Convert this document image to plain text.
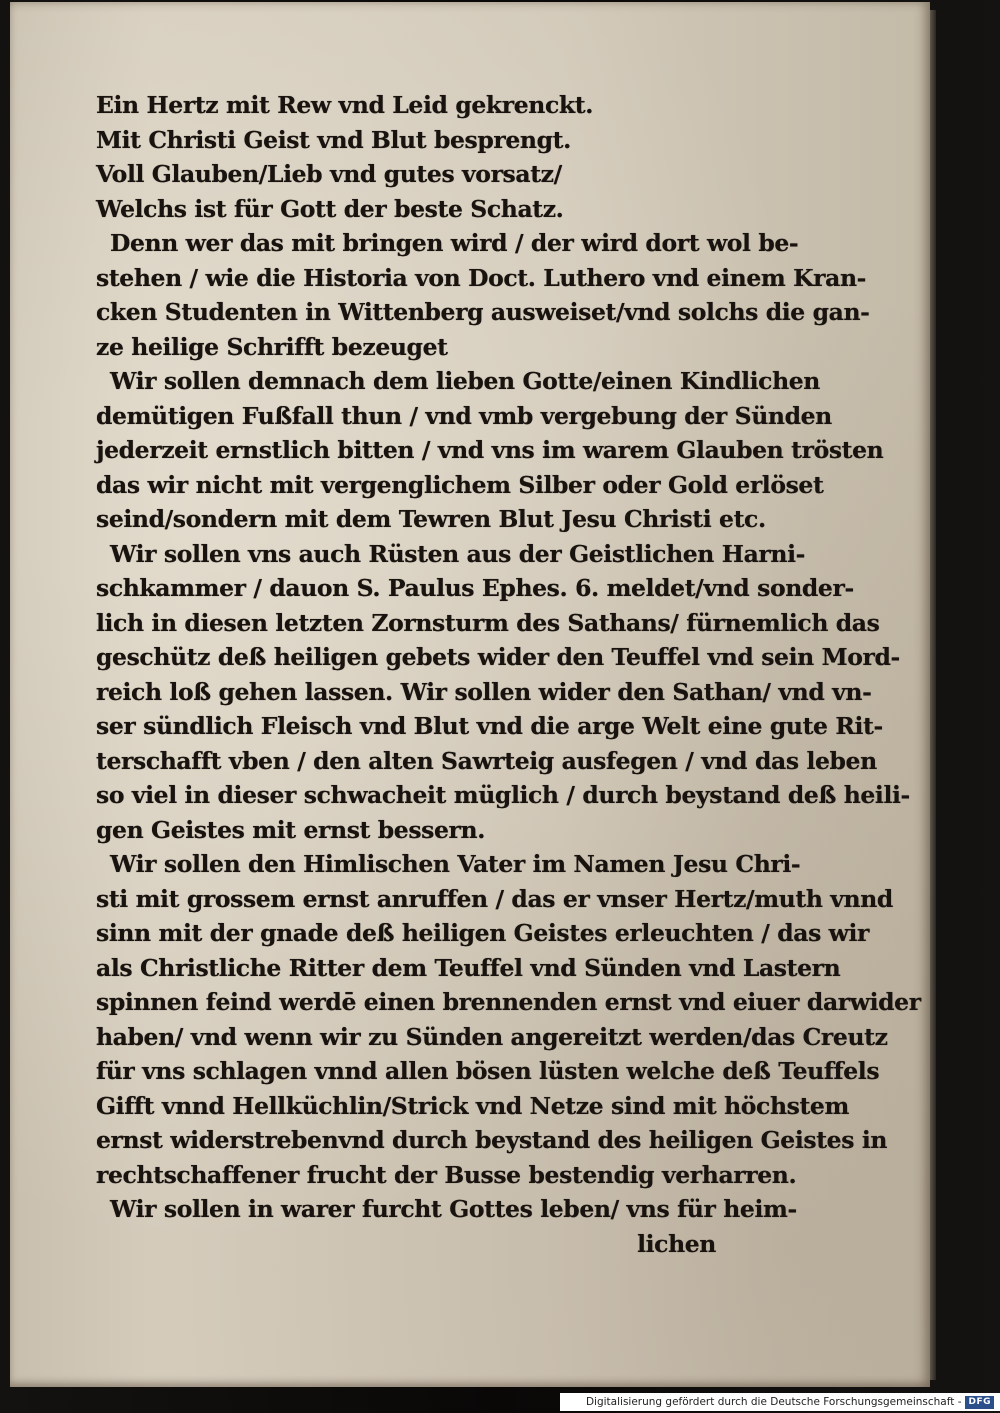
Ein Hertz mit Rew vnd Leid gekrenckt.
Mit Christi Geist vnd Blut besprengt.
Voll Glauben/Lieb vnd gutes vorsatz/
Welchs ist für Gott der beste Schatz.
Denn wer das mit bringen wird / der wird dort wol be-
stehen / wie die Historia von Doct. Luthero vnd einem Kran-
cken Studenten in Wittenberg ausweiset/vnd solchs die gan-
ze heilige Schrifft bezeuget
Wir sollen demnach dem lieben Gotte/einen Kindlichen
demütigen Fußfall thun / vnd vmb vergebung der Sünden
jederzeit ernstlich bitten / vnd vns im warem Glauben trösten
das wir nicht mit vergenglichem Silber oder Gold erlöset
seind/sondern mit dem Tewren Blut Jesu Christi etc.
Wir sollen vns auch Rüsten aus der Geistlichen Harni-
schkammer / dauon S. Paulus Ephes. 6. meldet/vnd sonder-
lich in diesen letzten Zornsturm des Sathans/ fürnemlich das
geschütz deß heiligen gebets wider den Teuffel vnd sein Mord-
reich loß gehen lassen. Wir sollen wider den Sathan/ vnd vn-
ser sündlich Fleisch vnd Blut vnd die arge Welt eine gute Rit-
terschafft vben / den alten Sawrteig ausfegen / vnd das leben
so viel in dieser schwacheit müglich / durch beystand deß heili-
gen Geistes mit ernst bessern.
Wir sollen den Himlischen Vater im Namen Jesu Chri-
sti mit grossem ernst anruffen / das er vnser Hertz/muth vnnd
sinn mit der gnade deß heiligen Geistes erleuchten / das wir
als Christliche Ritter dem Teuffel vnd Sünden vnd Lastern
spinnen feind werdē einen brennenden ernst vnd eiuer darwider
haben/ vnd wenn wir zu Sünden angereitzt werden/das Creutz
für vns schlagen vnnd allen bösen lüsten welche deß Teuffels
Gifft vnnd Hellküchlin/Strick vnd Netze sind mit höchstem
ernst widerstrebenvnd durch beystand des heiligen Geistes in
rechtschaffener frucht der Busse bestendig verharren.
Wir sollen in warer furcht Gottes leben/ vns für heim-
lichen
Digitalisierung gefördert durch die Deutsche Forschungsgemeinschaft - DFG
